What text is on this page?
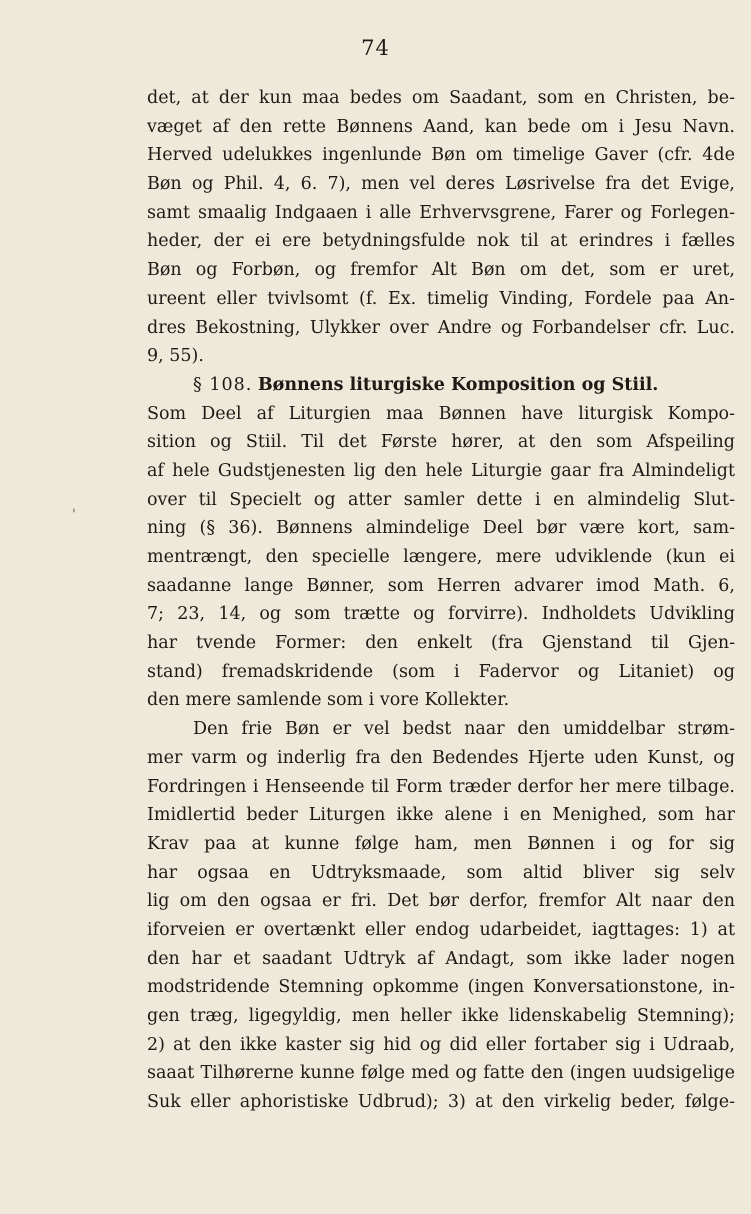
74
'
det, at der kun maa bedes om Saadant, som en Christen, be-
væget af den rette Bønnens Aand, kan bede om i Jesu Navn.
Herved udelukkes ingenlunde Bøn om timelige Gaver (cfr. 4de
Bøn og Phil. 4, 6. 7), men vel deres Løsrivelse fra det Evige,
samt smaalig Indgaaen i alle Erhvervsgrene, Farer og Forlegen-
heder, der ei ere betydningsfulde nok til at erindres i fælles
Bøn og Forbøn, og fremfor Alt Bøn om det, som er uret,
ureent eller tvivlsomt (f. Ex. timelig Vinding, Fordele paa An-
dres Bekostning, Ulykker over Andre og Forbandelser cfr. Luc.
9, 55).
§ 108. Bønnens liturgiske Komposition og Stiil.
Som Deel af Liturgien maa Bønnen have liturgisk Kompo-
sition og Stiil. Til det Første hører, at den som Afspeiling
af hele Gudstjenesten lig den hele Liturgie gaar fra Almindeligt
over til Specielt og atter samler dette i en almindelig Slut-
ning (§ 36). Bønnens almindelige Deel bør være kort, sam-
mentrængt, den specielle længere, mere udviklende (kun ei
saadanne lange Bønner, som Herren advarer imod Math. 6,
7; 23, 14, og som trætte og forvirre). Indholdets Udvikling
har tvende Former: den enkelt (fra Gjenstand til Gjen-
stand) fremadskridende (som i Fadervor og Litaniet) og
den mere samlende som i vore Kollekter.
Den frie Bøn er vel bedst naar den umiddelbar strøm-
mer varm og inderlig fra den Bedendes Hjerte uden Kunst, og
Fordringen i Henseende til Form træder derfor her mere tilbage.
Imidlertid beder Liturgen ikke alene i en Menighed, som har
Krav paa at kunne følge ham, men Bønnen i og for sig
har ogsaa en Udtryksmaade, som altid bliver sig selv
lig om den ogsaa er fri. Det bør derfor, fremfor Alt naar den
iforveien er overtænkt eller endog udarbeidet, iagttages: 1) at
den har et saadant Udtryk af Andagt, som ikke lader nogen
modstridende Stemning opkomme (ingen Konversationstone, in-
gen træg, ligegyldig, men heller ikke lidenskabelig Stemning);
2) at den ikke kaster sig hid og did eller fortaber sig i Udraab,
saaat Tilhørerne kunne følge med og fatte den (ingen uudsigelige
Suk eller aphoristiske Udbrud); 3) at den virkelig beder, følge-
